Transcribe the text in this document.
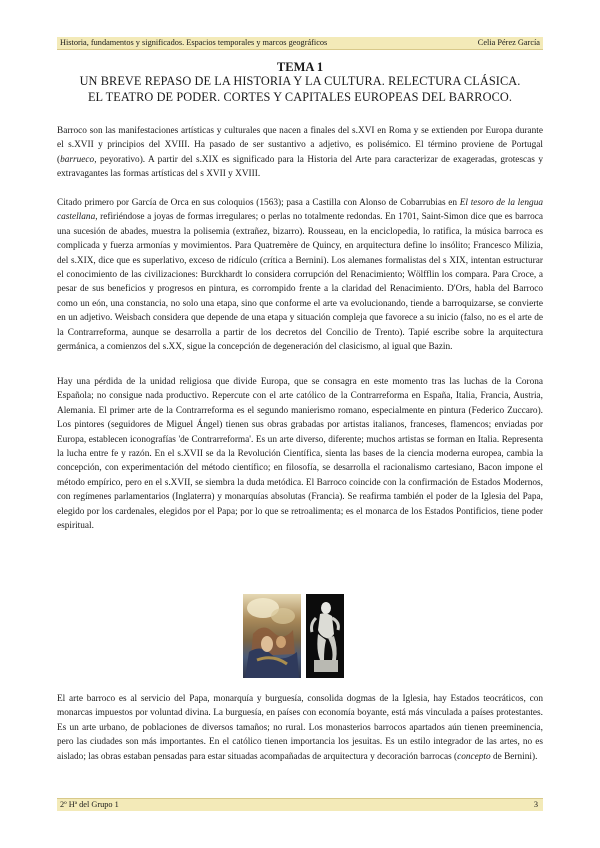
Historia, fundamentos y significados. Espacios temporales y marcos geográficos	Celia Pérez García
TEMA 1
UN BREVE REPASO DE LA HISTORIA Y LA CULTURA. RELECTURA CLÁSICA.
EL TEATRO DE PODER. CORTES Y CAPITALES EUROPEAS DEL BARROCO.

Barroco son las manifestaciones artísticas y culturales que nacen a finales del s.XVI en Roma y se extienden por Europa durante el s.XVII y principios del XVIII. Ha pasado de ser sustantivo a adjetivo, es polisémico. El término proviene de Portugal (barrueco, peyorativo). A partir del s.XIX es significado para la Historia del Arte para caracterizar de exageradas, grotescas y extravagantes las formas artísticas del s XVII y XVIII.

Citado primero por García de Orca en sus coloquios (1563); pasa a Castilla con Alonso de Cobarrubias en El tesoro de la lengua castellana, refiriéndose a joyas de formas irregulares; o perlas no totalmente redondas. En 1701, Saint-Simon dice que es barroca una sucesión de abades, muestra la polisemia (extrañez, bizarro). Rousseau, en la enciclopedia, lo ratifica, la música barroca es complicada y fuerza armonías y movimientos. Para Quatremère de Quincy, en arquitectura define lo insólito; Francesco Milizia, del s.XIX, dice que es superlativo, exceso de ridículo (crítica a Bernini). Los alemanes formalistas del s XIX, intentan estructurar el conocimiento de las civilizaciones: Burckhardt lo considera corrupción del Renacimiento; Wölfflin los compara. Para Croce, a pesar de sus beneficios y progresos en pintura, es corrompido frente a la claridad del Renacimiento. D'Ors, habla del Barroco como un eón, una constancia, no solo una etapa, sino que conforme el arte va evolucionando, tiende a barroquizarse, se convierte en un adjetivo. Weisbach considera que depende de una etapa y situación compleja que favorece a su inicio (falso, no es el arte de la Contrarreforma, aunque se desarrolla a partir de los decretos del Concilio de Trento). Tapié escribe sobre la arquitectura germánica, a comienzos del s.XX, sigue la concepción de degeneración del clasicismo, al igual que Bazin.

Hay una pérdida de la unidad religiosa que divide Europa, que se consagra en este momento tras las luchas de la Corona Española; no consigue nada productivo. Repercute con el arte católico de la Contrarreforma en España, Italia, Francia, Austria, Alemania. El primer arte de la Contrarreforma es el segundo manierismo romano, especialmente en pintura (Federico Zuccaro). Los pintores (seguidores de Miguel Ángel) tienen sus obras grabadas por artistas italianos, franceses, flamencos; enviadas por Europa, establecen iconografías 'de Contrarreforma'. Es un arte diverso, diferente; muchos artistas se forman en Italia. Representa la lucha entre fe y razón. En el s.XVII se da la Revolución Científica, sienta las bases de la ciencia moderna europea, cambia la concepción, con experimentación del método científico; en filosofía, se desarrolla el racionalismo cartesiano, Bacon impone el método empírico, pero en el s.XVII, se siembra la duda metódica. El Barroco coincide con la confirmación de Estados Modernos, con regímenes parlamentarios (Inglaterra) y monarquías absolutas (Francia). Se reafirma también el poder de la Iglesia del Papa, elegido por los cardenales, elegidos por el Papa; por lo que se retroalimenta; es el monarca de los Estados Pontificios, tiene poder espiritual.

El arte barroco es al servicio del Papa, monarquía y burguesía, consolida dogmas de la Iglesia, hay Estados teocráticos, con monarcas impuestos por voluntad divina. La burguesía, en países con economía boyante, está más vinculada a países protestantes. Es un arte urbano, de poblaciones de diversos tamaños; no rural. Los monasterios barrocos apartados aún tienen preeminencia, pero las ciudades son más importantes. En el católico tienen importancia los jesuitas. Es un estilo integrador de las artes, no es aislado; las obras estaban pensadas para estar situadas acompañadas de arquitectura y decoración barrocas (concepto de Bernini).

2º Hª del Grupo 1	3
